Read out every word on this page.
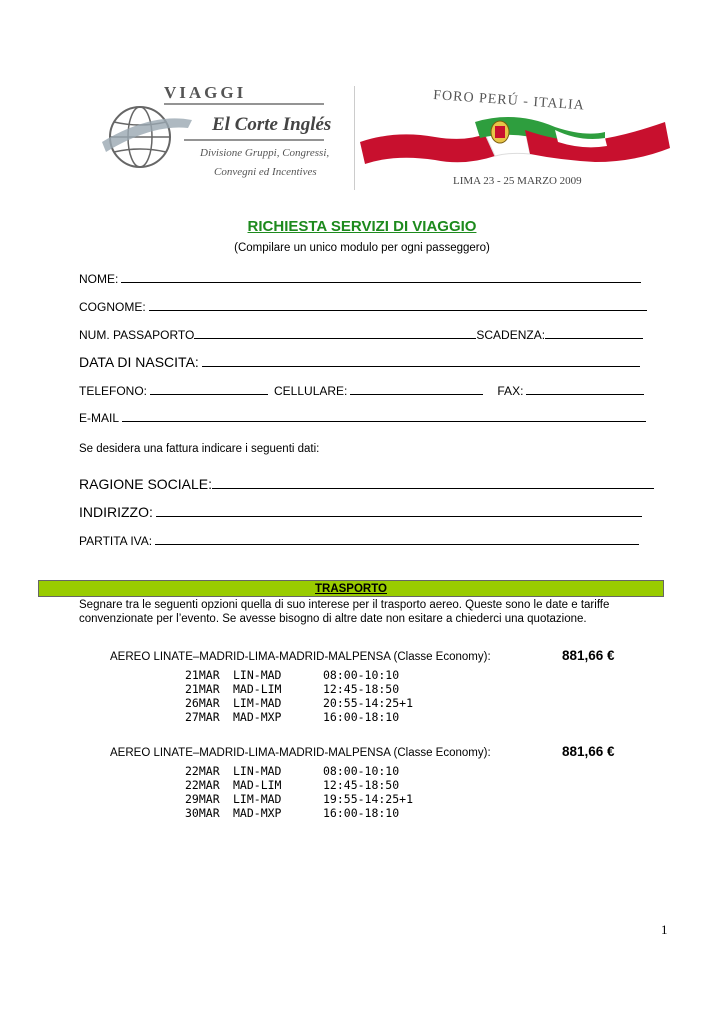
VIAGGI
El Corte Inglés
Divisione Gruppi, Congressi,
Convegni ed Incentives
FORO PERÚ - ITALIA
LIMA 23 - 25 MARZO 2009
RICHIESTA SERVIZI DI VIAGGIO
(Compilare un unico modulo per ogni passeggero)
NOME:
COGNOME:
NUM. PASSAPORTO	SCADENZA:
DATA DI NASCITA:
TELEFONO:	CELLULARE:	FAX:
E-MAIL
Se desidera una fattura indicare i seguenti dati:
RAGIONE SOCIALE:
INDIRIZZO:
PARTITA IVA:
TRASPORTO
Segnare tra le seguenti opzioni quella di suo interese per il trasporto aereo. Queste sono le date e tariffe convenzionate per l’evento. Se avesse bisogno di altre date non esitare a chiederci una quotazione.
AEREO LINATE–MADRID-LIMA-MADRID-MALPENSA (Classe Economy):	881,66 €
21MAR LIN-MAD	08:00-10:10
21MAR MAD-LIM	12:45-18:50
26MAR LIM-MAD	20:55-14:25+1
27MAR MAD-MXP	16:00-18:10
AEREO LINATE–MADRID-LIMA-MADRID-MALPENSA (Classe Economy):	881,66 €
22MAR LIN-MAD	08:00-10:10
22MAR MAD-LIM	12:45-18:50
29MAR LIM-MAD	19:55-14:25+1
30MAR MAD-MXP	16:00-18:10
1
